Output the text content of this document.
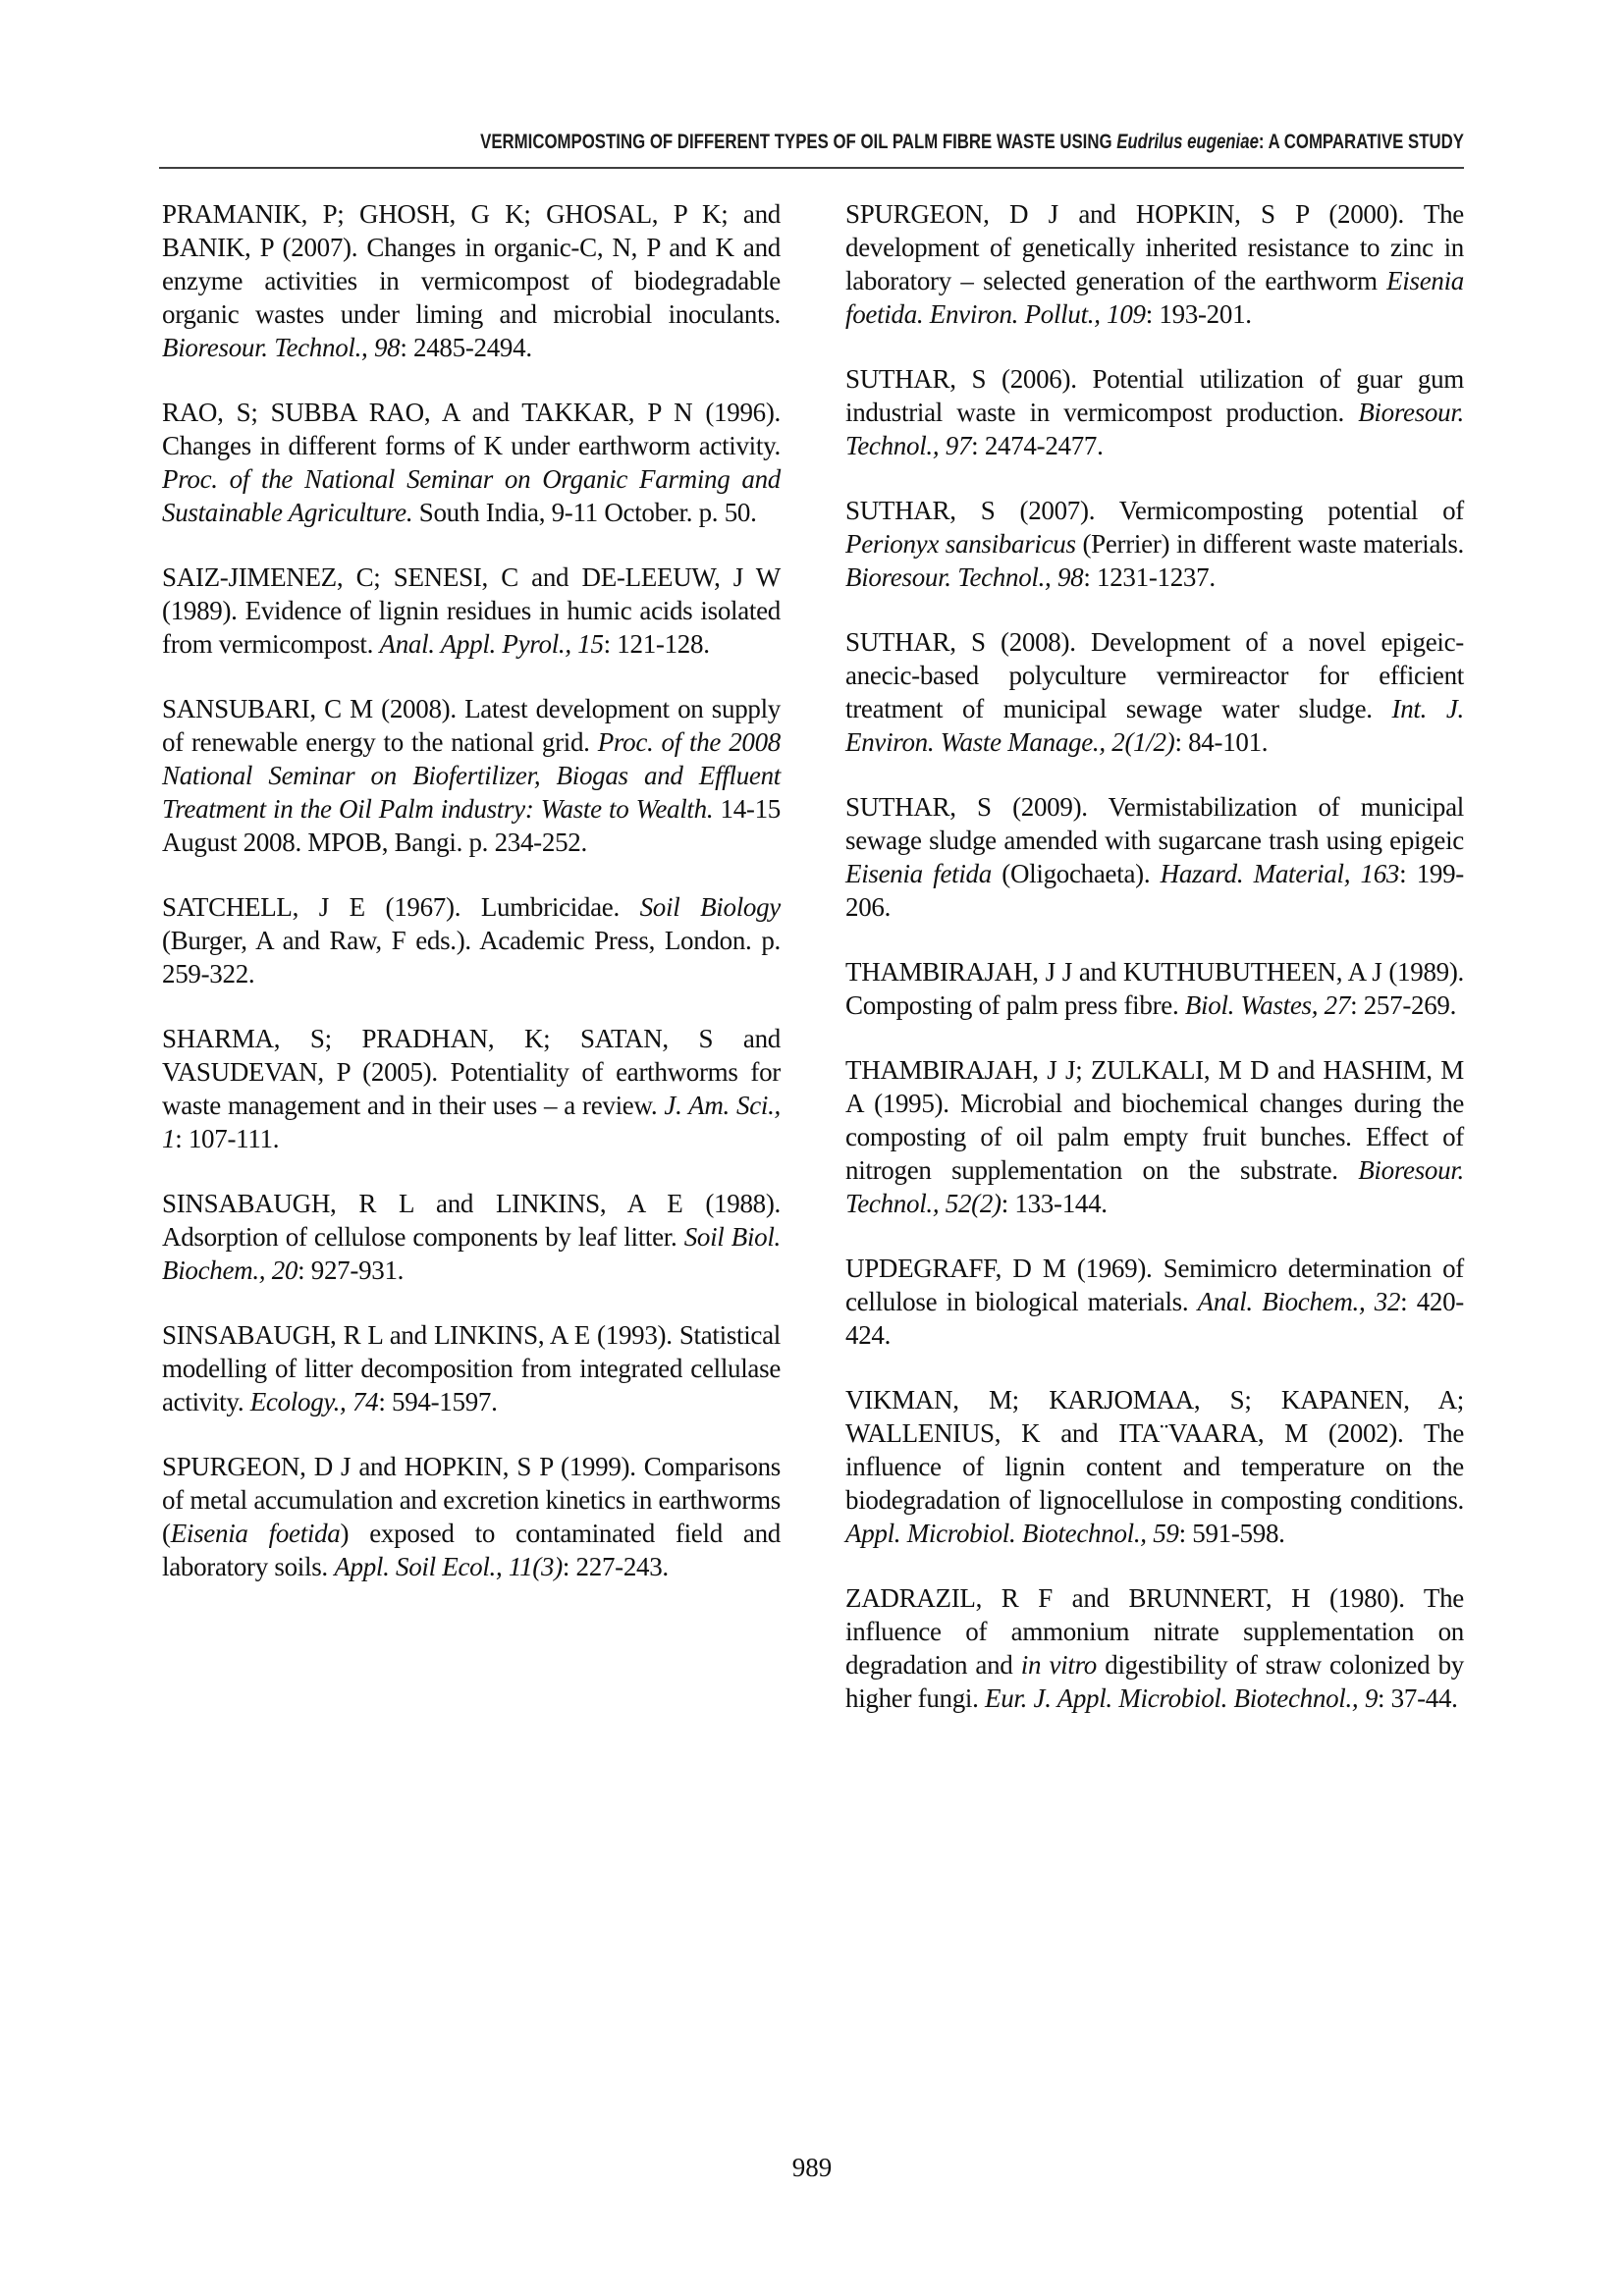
VERMICOMPOSTING OF DIFFERENT TYPES OF OIL PALM FIBRE WASTE USING Eudrilus eugeniae: A COMPARATIVE STUDY

PRAMANIK, P; GHOSH, G K; GHOSAL, P K; and BANIK, P (2007). Changes in organic-C, N, P and K and enzyme activities in vermicompost of biodegradable organic wastes under liming and microbial inoculants. Bioresour. Technol., 98: 2485-2494.

RAO, S; SUBBA RAO, A and TAKKAR, P N (1996). Changes in different forms of K under earthworm activity. Proc. of the National Seminar on Organic Farming and Sustainable Agriculture. South India, 9-11 October. p. 50.

SAIZ-JIMENEZ, C; SENESI, C and DE-LEEUW, J W (1989). Evidence of lignin residues in humic acids isolated from vermicompost. Anal. Appl. Pyrol., 15: 121-128.

SANSUBARI, C M (2008). Latest development on supply of renewable energy to the national grid. Proc. of the 2008 National Seminar on Biofertilizer, Biogas and Effluent Treatment in the Oil Palm industry: Waste to Wealth. 14-15 August 2008. MPOB, Bangi. p. 234-252.

SATCHELL, J E (1967). Lumbricidae. Soil Biology (Burger, A and Raw, F eds.). Academic Press, London. p. 259-322.

SHARMA, S; PRADHAN, K; SATAN, S and VASUDEVAN, P (2005). Potentiality of earthworms for waste management and in their uses – a review. J. Am. Sci., 1: 107-111.

SINSABAUGH, R L and LINKINS, A E (1988). Adsorption of cellulose components by leaf litter. Soil Biol. Biochem., 20: 927-931.

SINSABAUGH, R L and LINKINS, A E (1993). Statistical modelling of litter decomposition from integrated cellulase activity. Ecology., 74: 594-1597.

SPURGEON, D J and HOPKIN, S P (1999). Comparisons of metal accumulation and excretion kinetics in earthworms (Eisenia foetida) exposed to contaminated field and laboratory soils. Appl. Soil Ecol., 11(3): 227-243.

SPURGEON, D J and HOPKIN, S P (2000). The development of genetically inherited resistance to zinc in laboratory – selected generation of the earthworm Eisenia foetida. Environ. Pollut., 109: 193-201.

SUTHAR, S (2006). Potential utilization of guar gum industrial waste in vermicompost production. Bioresour. Technol., 97: 2474-2477.

SUTHAR, S (2007). Vermicomposting potential of Perionyx sansibaricus (Perrier) in different waste materials. Bioresour. Technol., 98: 1231-1237.

SUTHAR, S (2008). Development of a novel epigeic-anecic-based polyculture vermireactor for efficient treatment of municipal sewage water sludge. Int. J. Environ. Waste Manage., 2(1/2): 84-101.

SUTHAR, S (2009). Vermistabilization of municipal sewage sludge amended with sugarcane trash using epigeic Eisenia fetida (Oligochaeta). Hazard. Material, 163: 199-206.

THAMBIRAJAH, J J and KUTHUBUTHEEN, A J (1989). Composting of palm press fibre. Biol. Wastes, 27: 257-269.

THAMBIRAJAH, J J; ZULKALI, M D and HASHIM, M A (1995). Microbial and biochemical changes during the composting of oil palm empty fruit bunches. Effect of nitrogen supplementation on the substrate. Bioresour. Technol., 52(2): 133-144.

UPDEGRAFF, D M (1969). Semimicro determination of cellulose in biological materials. Anal. Biochem., 32: 420-424.

VIKMAN, M; KARJOMAA, S; KAPANEN, A; WALLENIUS, K and ITA¨VAARA, M (2002). The influence of lignin content and temperature on the biodegradation of lignocellulose in composting conditions. Appl. Microbiol. Biotechnol., 59: 591-598.

ZADRAZIL, R F and BRUNNERT, H (1980). The influence of ammonium nitrate supplementation on degradation and in vitro digestibility of straw colonized by higher fungi. Eur. J. Appl. Microbiol. Biotechnol., 9: 37-44.

989
